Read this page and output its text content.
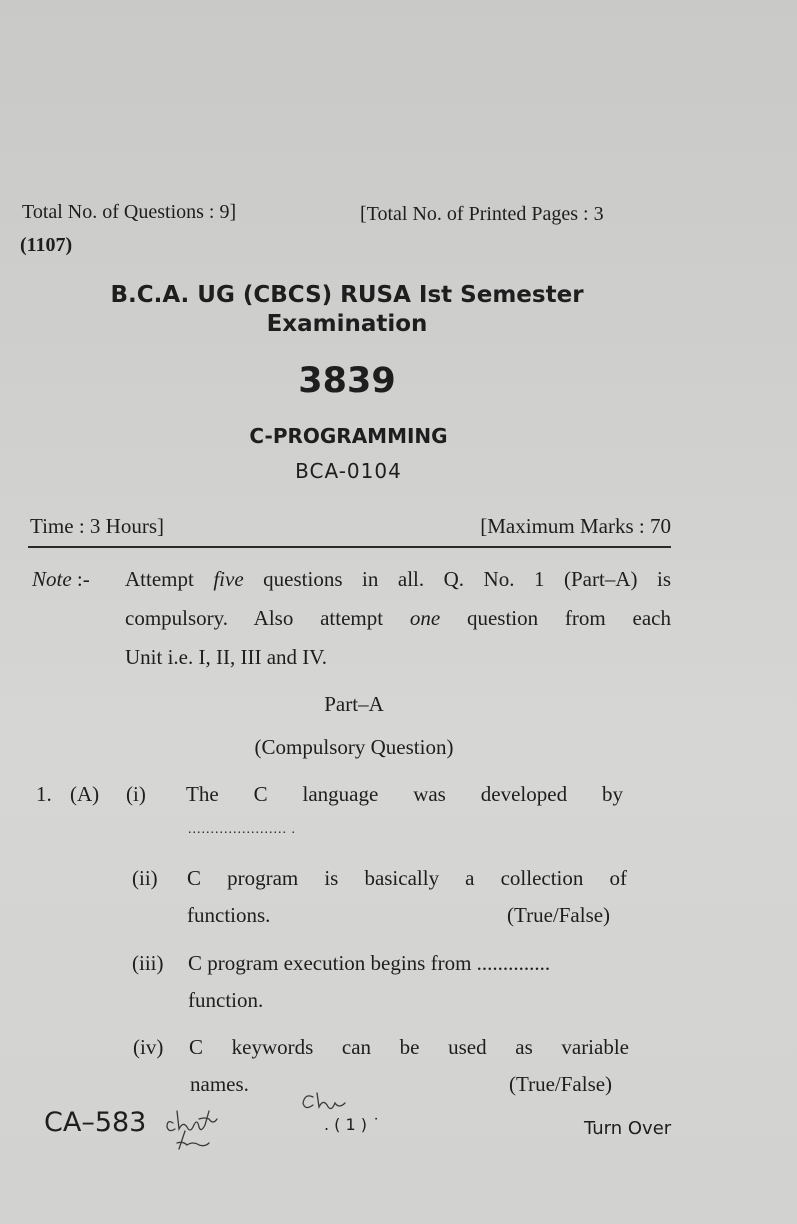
Total No. of Questions : 9]	[Total No. of Printed Pages : 3
(1107)
B.C.A. UG (CBCS) RUSA Ist Semester
Examination
3839
C-PROGRAMMING
BCA-0104
Time : 3 Hours]	[Maximum Marks : 70
Note :- Attempt five questions in all. Q. No. 1 (Part–A) is
compulsory. Also attempt one question from each
Unit i.e. I, II, III and IV.
Part–A
(Compulsory Question)
1. (A) (i) The C language was developed by
...................... .
(ii) C program is basically a collection of
functions.	(True/False)
(iii) C program execution begins from ..............
function.
(iv) C keywords can be used as variable
names.	(True/False)
CA–583	. ( 1 ) ˙	Turn Over
